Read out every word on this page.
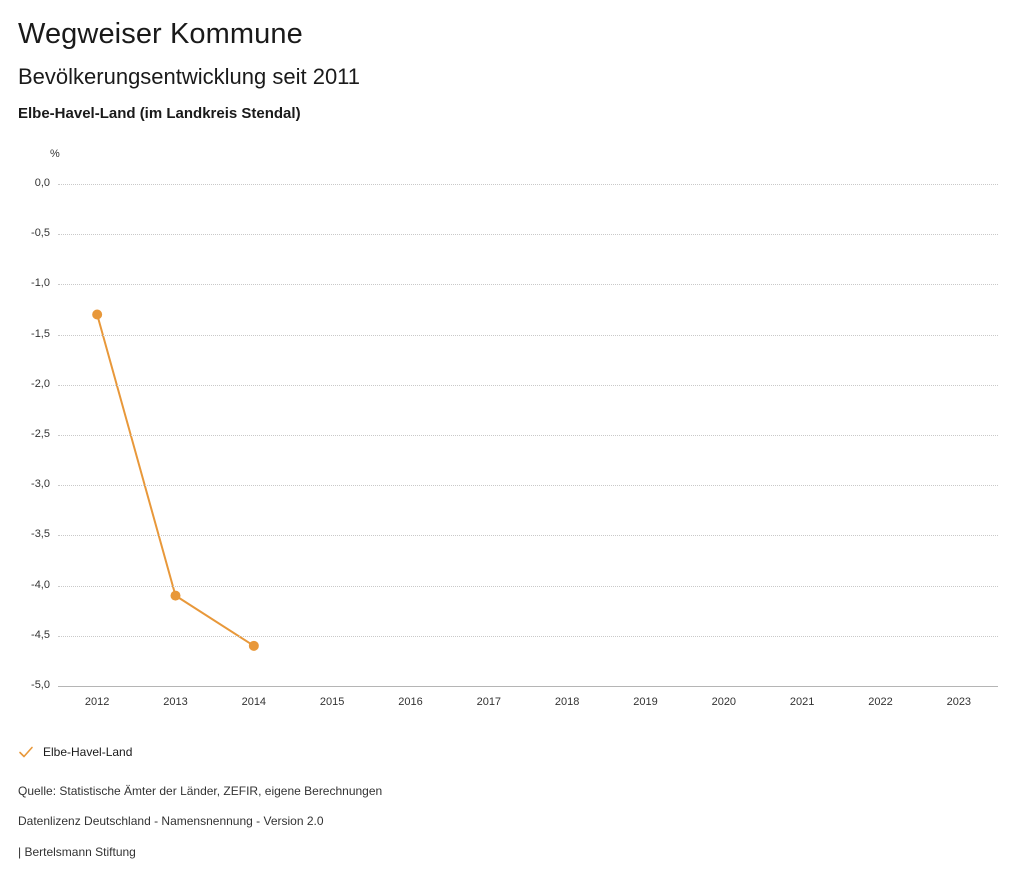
Wegweiser Kommune
Bevölkerungsentwicklung seit 2011
Elbe-Havel-Land (im Landkreis Stendal)
%
0,0
-0,5
-1,0
-1,5
-2,0
-2,5
-3,0
-3,5
-4,0
-4,5
-5,0
2012	2013	2014	2015	2016	2017	2018	2019	2020	2021	2022	2023
Elbe-Havel-Land
Quelle: Statistische Ämter der Länder, ZEFIR, eigene Berechnungen
Datenlizenz Deutschland - Namensnennung - Version 2.0
| Bertelsmann Stiftung
